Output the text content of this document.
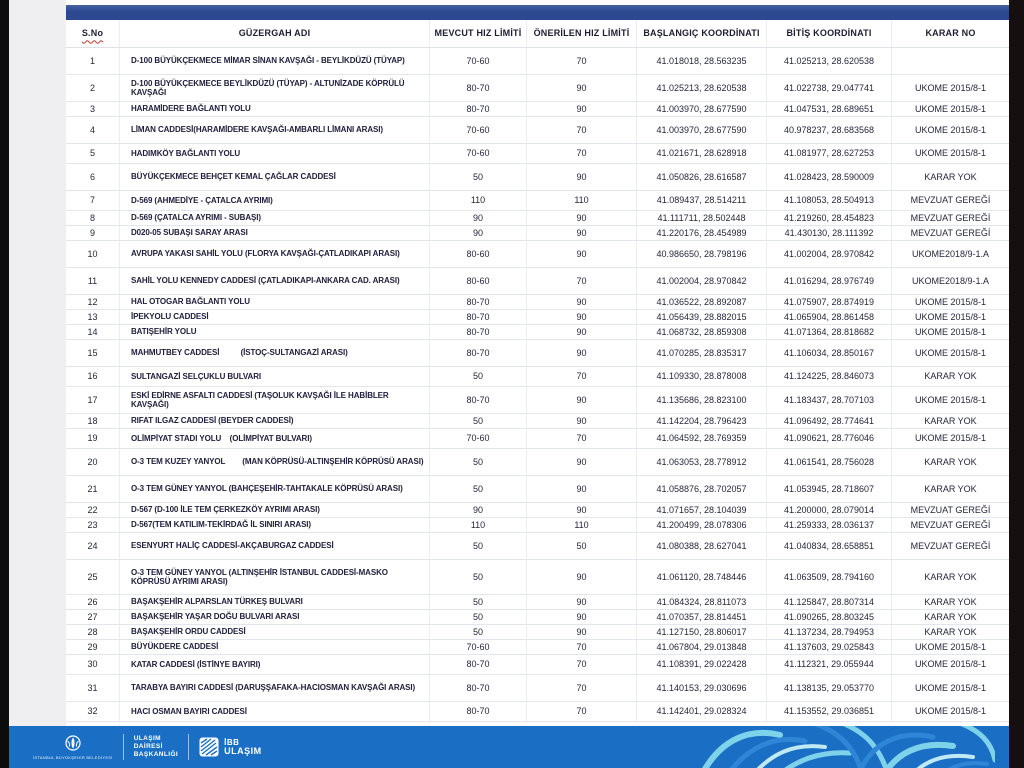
S.No	GÜZERGAH ADI	MEVCUT HIZ LİMİTİ	ÖNERİLEN HIZ LİMİTİ	BAŞLANGIÇ KOORDİNATI	BİTİŞ KOORDİNATI	KARAR NO
1	D-100 BÜYÜKÇEKMECE MİMAR SİNAN KAVŞAĞI - BEYLİKDÜZÜ (TÜYAP)	70-60	70	41.018018, 28.563235	41.025213, 28.620538
2	D-100 BÜYÜKÇEKMECE BEYLİKDÜZÜ (TÜYAP) - ALTUNİZADE KÖPRÜLÜ KAVŞAĞI	80-70	90	41.025213, 28.620538	41.022738, 29.047741	UKOME 2015/8-1
3	HARAMİDERE BAĞLANTI YOLU	80-70	90	41.003970, 28.677590	41.047531, 28.689651	UKOME 2015/8-1
4	LİMAN CADDESİ(HARAMİDERE KAVŞAĞI-AMBARLI LİMANI ARASI)	70-60	70	41.003970, 28.677590	40.978237, 28.683568	UKOME 2015/8-1
5	HADIMKÖY BAĞLANTI YOLU	70-60	70	41.021671, 28.628918	41.081977, 28.627253	UKOME 2015/8-1
6	BÜYÜKÇEKMECE BEHÇET KEMAL ÇAĞLAR CADDESİ	50	90	41.050826, 28.616587	41.028423, 28.590009	KARAR YOK
7	D-569 (AHMEDİYE - ÇATALCA AYRIMI)	110	110	41.089437, 28.514211	41.108053, 28.504913	MEVZUAT GEREĞİ
8	D-569 (ÇATALCA AYRIMI - SUBAŞI)	90	90	41.111711, 28.502448	41.219260, 28.454823	MEVZUAT GEREĞİ
9	D020-05 SUBAŞI SARAY ARASI	90	90	41.220176, 28.454989	41.430130, 28.111392	MEVZUAT GEREĞİ
10	AVRUPA YAKASI SAHİL YOLU (FLORYA KAVŞAĞI-ÇATLADIKAPI ARASI)	80-60	90	40.986650, 28.798196	41.002004, 28.970842	UKOME2018/9-1.A
11	SAHİL YOLU KENNEDY CADDESİ (ÇATLADIKAPI-ANKARA CAD. ARASI)	80-60	70	41.002004, 28.970842	41.016294, 28.976749	UKOME2018/9-1.A
12	HAL OTOGAR BAĞLANTI YOLU	80-70	90	41.036522, 28.892087	41.075907, 28.874919	UKOME 2015/8-1
13	İPEKYOLU CADDESİ	80-70	90	41.056439, 28.882015	41.065904, 28.861458	UKOME 2015/8-1
14	BATIŞEHİR YOLU	80-70	90	41.068732, 28.859308	41.071364, 28.818682	UKOME 2015/8-1
15	MAHMUTBEY CADDESİ          (İSTOÇ-SULTANGAZİ ARASI)	80-70	90	41.070285, 28.835317	41.106034, 28.850167	UKOME 2015/8-1
16	SULTANGAZİ SELÇUKLU BULVARI	50	70	41.109330, 28.878008	41.124225, 28.846073	KARAR YOK
17	ESKİ EDİRNE ASFALTI CADDESİ (TAŞOLUK KAVŞAĞI İLE HABİBLER KAVŞAĞI)	80-70	90	41.135686, 28.823100	41.183437, 28.707103	UKOME 2015/8-1
18	RIFAT ILGAZ CADDESİ (BEYDER CADDESİ)	50	90	41.142204, 28.796423	41.096492, 28.774641	KARAR YOK
19	OLİMPİYAT STADI YOLU    (OLİMPİYAT BULVARI)	70-60	70	41.064592, 28.769359	41.090621, 28.776046	UKOME 2015/8-1
20	O-3 TEM KUZEY YANYOL        (MAN KÖPRÜSÜ-ALTINŞEHİR KÖPRÜSÜ ARASI)	50	90	41.063053, 28.778912	41.061541, 28.756028	KARAR YOK
21	O-3 TEM GÜNEY YANYOL (BAHÇEŞEHİR-TAHTAKALE KÖPRÜSÜ ARASI)	50	90	41.058876, 28.702057	41.053945, 28.718607	KARAR YOK
22	D-567 (D-100 İLE TEM ÇERKEZKÖY AYRIMI ARASI)	90	90	41.071657, 28.104039	41.200000, 28.079014	MEVZUAT GEREĞİ
23	D-567(TEM KATILIM-TEKİRDAĞ İL SINIRI ARASI)	110	110	41.200499, 28.078306	41.259333, 28.036137	MEVZUAT GEREĞİ
24	ESENYURT HALİÇ CADDESİ-AKÇABURGAZ CADDESİ	50	50	41.080388, 28.627041	41.040834, 28.658851	MEVZUAT GEREĞİ
25	O-3 TEM GÜNEY YANYOL (ALTINŞEHİR İSTANBUL CADDESİ-MASKO KÖPRÜSÜ AYRIMI ARASI)	50	90	41.061120, 28.748446	41.063509, 28.794160	KARAR YOK
26	BAŞAKŞEHİR ALPARSLAN TÜRKEŞ BULVARI	50	90	41.084324, 28.811073	41.125847, 28.807314	KARAR YOK
27	BAŞAKŞEHİR YAŞAR DOĞU BULVARI ARASI	50	90	41.070357, 28.814451	41.090265, 28.803245	KARAR YOK
28	BAŞAKŞEHİR ORDU CADDESİ	50	90	41.127150, 28.806017	41.137234, 28.794953	KARAR YOK
29	BÜYÜKDERE CADDESİ	70-60	70	41.067804, 29.013848	41.137603, 29.025843	UKOME 2015/8-1
30	KATAR CADDESİ (İSTİNYE BAYIRI)	80-70	70	41.108391, 29.022428	41.112321, 29.055944	UKOME 2015/8-1
31	TARABYA BAYIRI CADDESİ (DARUŞŞAFAKA-HACIOSMAN KAVŞAĞI ARASI)	80-70	70	41.140153, 29.030696	41.138135, 29.053770	UKOME 2015/8-1
32	HACI OSMAN BAYIRI CADDESİ	80-70	70	41.142401, 29.028324	41.153552, 29.036851	UKOME 2015/8-1
İSTANBUL BÜYÜKŞEHİR BELEDİYESİ
ULAŞIM
DAİRESİ
BAŞKANLIĞI
İBB
ULAŞIM
